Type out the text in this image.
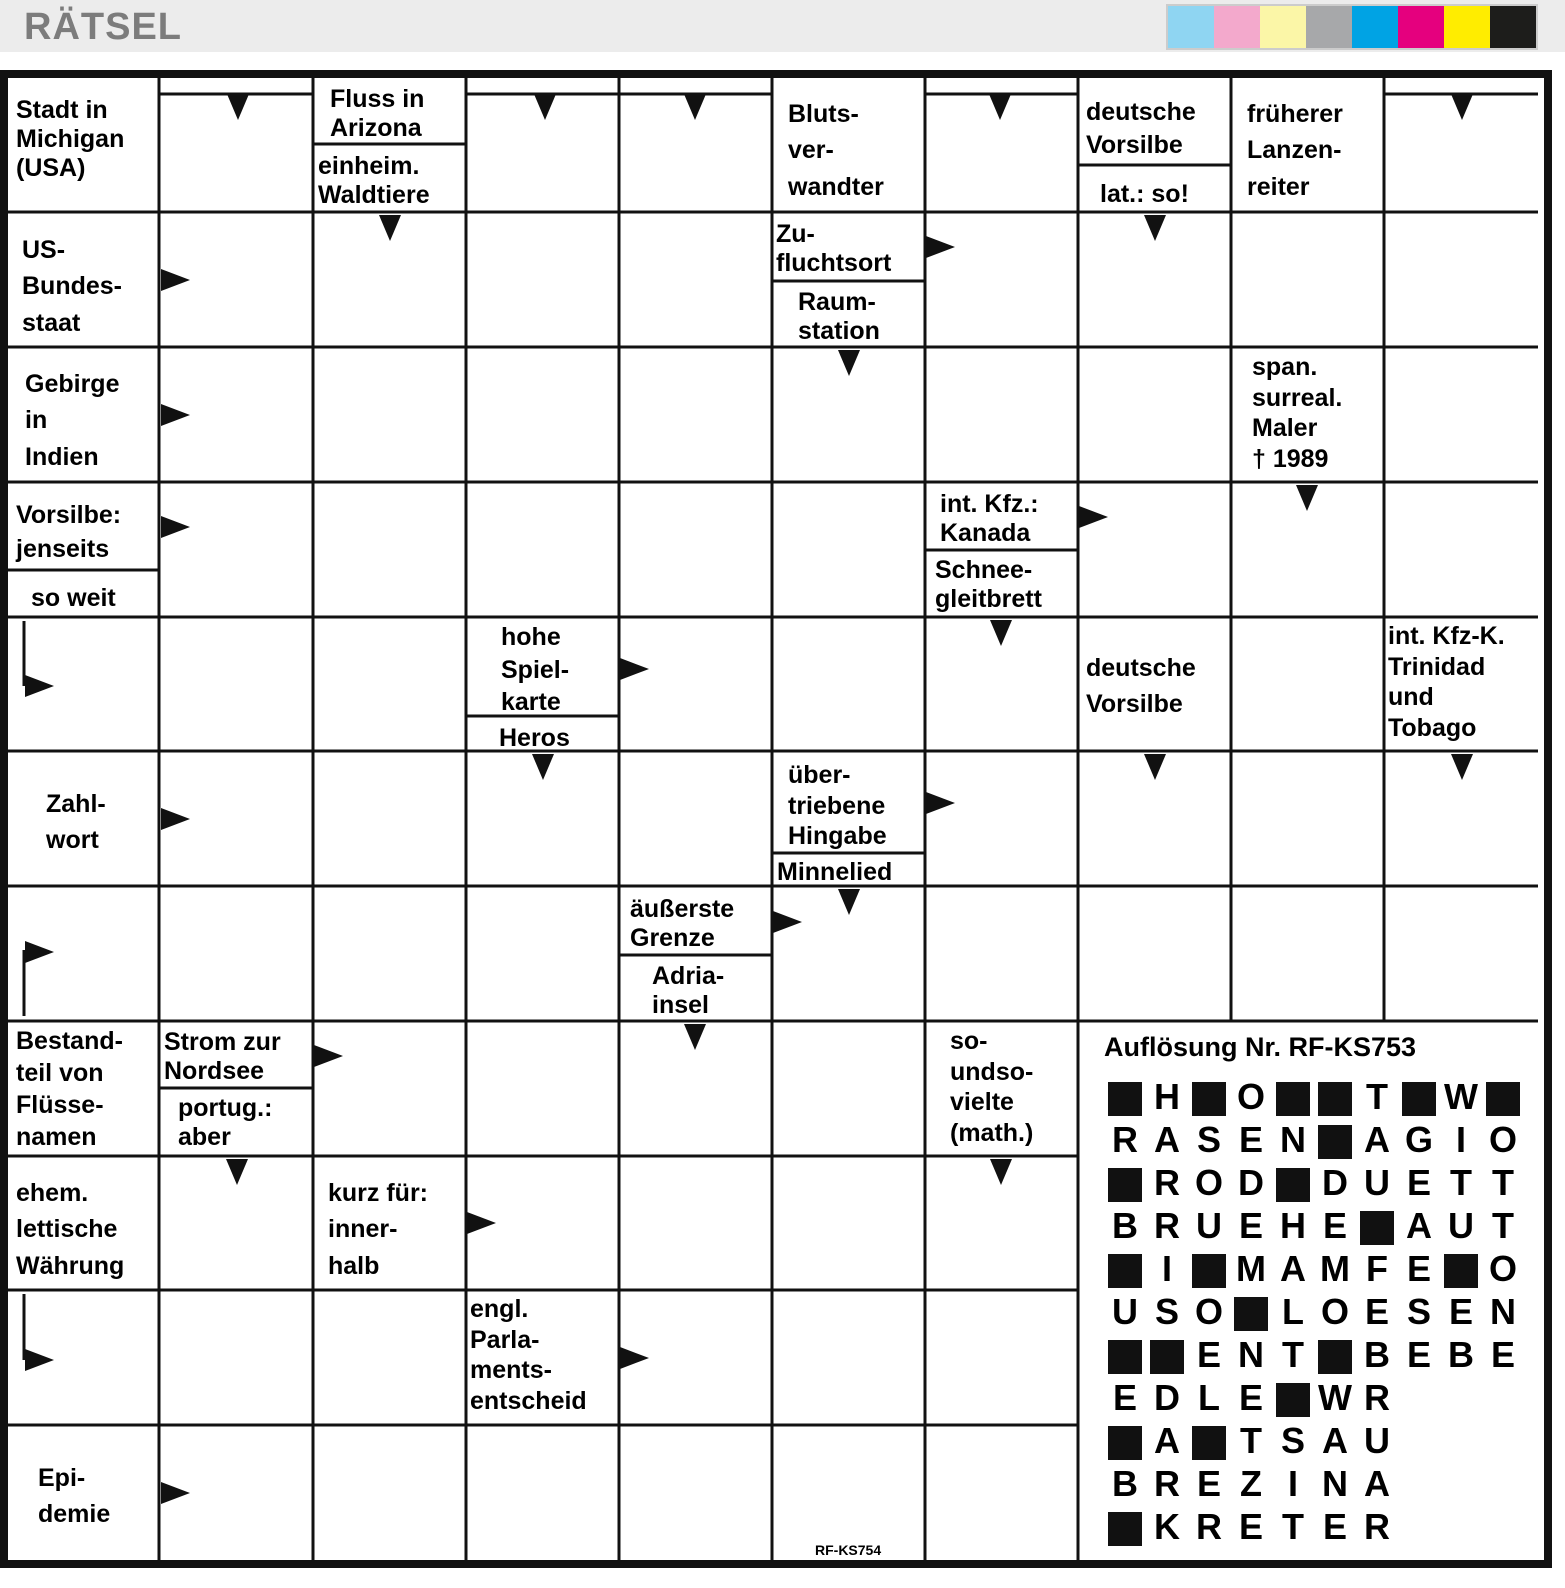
RÄTSEL
Stadt in
Michigan
(USA)
Fluss in
Arizona
einheim.
Waldtiere
Bluts-
ver-
wandter
deutsche
Vorsilbe
lat.: so!
früherer
Lanzen-
reiter
US-
Bundes-
staat
Zu-
fluchtsort
Raum-
station
Gebirge
in
Indien
span.
surreal.
Maler
† 1989
Vorsilbe:
jenseits
so weit
int. Kfz.:
Kanada
Schnee-
gleitbrett
hohe
Spiel-
karte
Heros
deutsche
Vorsilbe
int. Kfz-K.
Trinidad
und
Tobago
Zahl-
wort
über-
triebene
Hingabe
Minnelied
äußerste
Grenze
Adria-
insel
Bestand-
teil von
Flüsse-
namen
Strom zur
Nordsee
portug.:
aber
so-
undso-
vielte
(math.)
ehem.
lettische
Währung
kurz für:
inner-
halb
engl.
Parla-
ments-
entscheid
Epi-
demie
Auflösung Nr. RF-KS753
H O	T W
R A S E N A G I O
R O D D U E T T
B R U E H E A U T
I	M A M F E O
U S O L O E S E N
E N T B E B E
E D L E W R
A T S A U
B R E Z I N A
K R E T E R
RF-KS754
